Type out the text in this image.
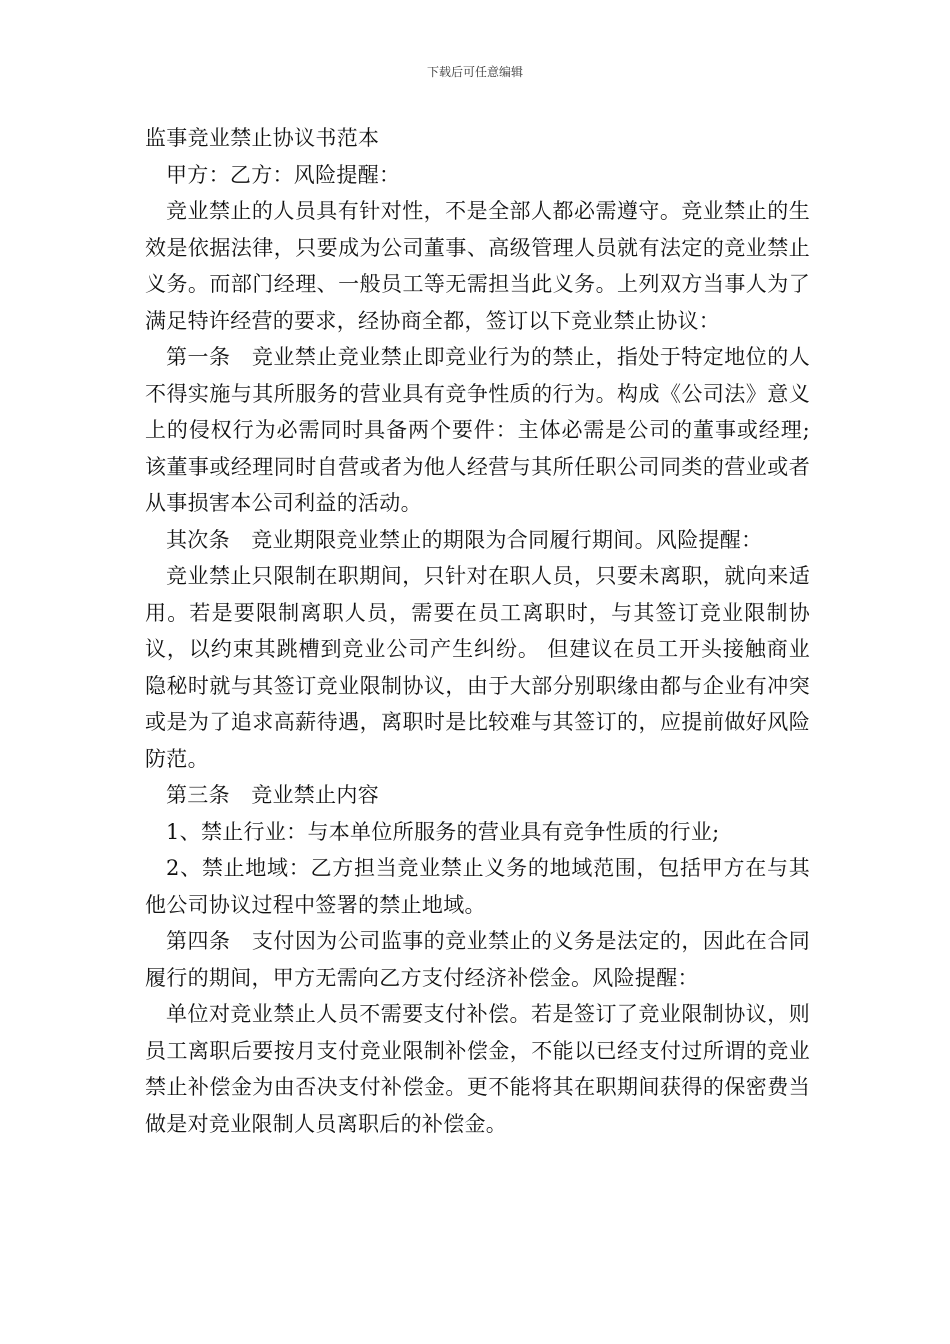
下载后可任意编辑
监事竞业禁止协议书范本

甲方：乙方：风险提醒：

竞业禁止的人员具有针对性，不是全部人都必需遵守。竞业禁止的生效是依据法律，只要成为公司董事、高级管理人员就有法定的竞业禁止义务。而部门经理、一般员工等无需担当此义务。上列双方当事人为了满足特许经营的要求，经协商全都，签订以下竞业禁止协议：

第一条　竞业禁止竞业禁止即竞业行为的禁止，指处于特定地位的人不得实施与其所服务的营业具有竞争性质的行为。构成《公司法》意义上的侵权行为必需同时具备两个要件：主体必需是公司的董事或经理;该董事或经理同时自营或者为他人经营与其所任职公司同类的营业或者从事损害本公司利益的活动。

其次条　竞业期限竞业禁止的期限为合同履行期间。风险提醒：

竞业禁止只限制在职期间，只针对在职人员，只要未离职，就向来适用。若是要限制离职人员，需要在员工离职时，与其签订竞业限制协议，以约束其跳槽到竞业公司产生纠纷。 但建议在员工开头接触商业隐秘时就与其签订竞业限制协议，由于大部分别职缘由都与企业有冲突或是为了追求高薪待遇，离职时是比较难与其签订的，应提前做好风险防范。

第三条　竞业禁止内容

1、禁止行业：与本单位所服务的营业具有竞争性质的行业;

2、禁止地域：乙方担当竞业禁止义务的地域范围，包括甲方在与其他公司协议过程中签署的禁止地域。

第四条　支付因为公司监事的竞业禁止的义务是法定的，因此在合同履行的期间，甲方无需向乙方支付经济补偿金。风险提醒：

单位对竞业禁止人员不需要支付补偿。若是签订了竞业限制协议，则员工离职后要按月支付竞业限制补偿金，不能以已经支付过所谓的竞业禁止补偿金为由否决支付补偿金。更不能将其在职期间获得的保密费当做是对竞业限制人员离职后的补偿金。
